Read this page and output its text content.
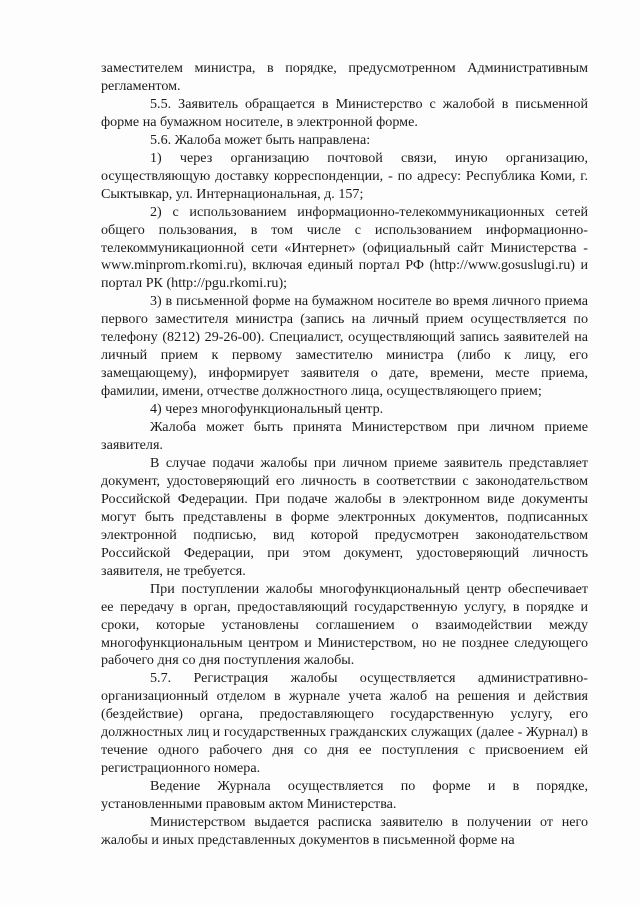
заместителем министра, в порядке, предусмотренном Административным регламентом.

5.5. Заявитель обращается в Министерство с жалобой в письменной форме на бумажном носителе, в электронной форме.

5.6. Жалоба может быть направлена:

1) через организацию почтовой связи, иную организацию, осуществляющую доставку корреспонденции, - по адресу: Республика Коми, г. Сыктывкар, ул. Интернациональная, д. 157;

2) с использованием информационно-телекоммуникационных сетей общего пользования, в том числе с использованием информационно-телекоммуникационной сети «Интернет» (официальный сайт Министерства - www.minprom.rkomi.ru), включая единый портал РФ (http://www.gosuslugi.ru) и портал РК (http://pgu.rkomi.ru);

3) в письменной форме на бумажном носителе во время личного приема первого заместителя министра (запись на личный прием осуществляется по телефону (8212) 29-26-00). Специалист, осуществляющий запись заявителей на личный прием к первому заместителю министра (либо к лицу, его замещающему), информирует заявителя о дате, времени, месте приема, фамилии, имени, отчестве должностного лица, осуществляющего прием;

4) через многофункциональный центр.

Жалоба может быть принята Министерством при личном приеме заявителя.

В случае подачи жалобы при личном приеме заявитель представляет документ, удостоверяющий его личность в соответствии с законодательством Российской Федерации. При подаче жалобы в электронном виде документы могут быть представлены в форме электронных документов, подписанных электронной подписью, вид которой предусмотрен законодательством Российской Федерации, при этом документ, удостоверяющий личность заявителя, не требуется.

При поступлении жалобы многофункциональный центр обеспечивает ее передачу в орган, предоставляющий государственную услугу, в порядке и сроки, которые установлены соглашением о взаимодействии между многофункциональным центром и Министерством, но не позднее следующего рабочего дня со дня поступления жалобы.

5.7. Регистрация жалобы осуществляется административно-организационный отделом в журнале учета жалоб на решения и действия (бездействие) органа, предоставляющего государственную услугу, его должностных лиц и государственных гражданских служащих (далее - Журнал) в течение одного рабочего дня со дня ее поступления с присвоением ей регистрационного номера.

Ведение Журнала осуществляется по форме и в порядке, установленными правовым актом Министерства.

Министерством выдается расписка заявителю в получении от него жалобы и иных представленных документов в письменной форме на
